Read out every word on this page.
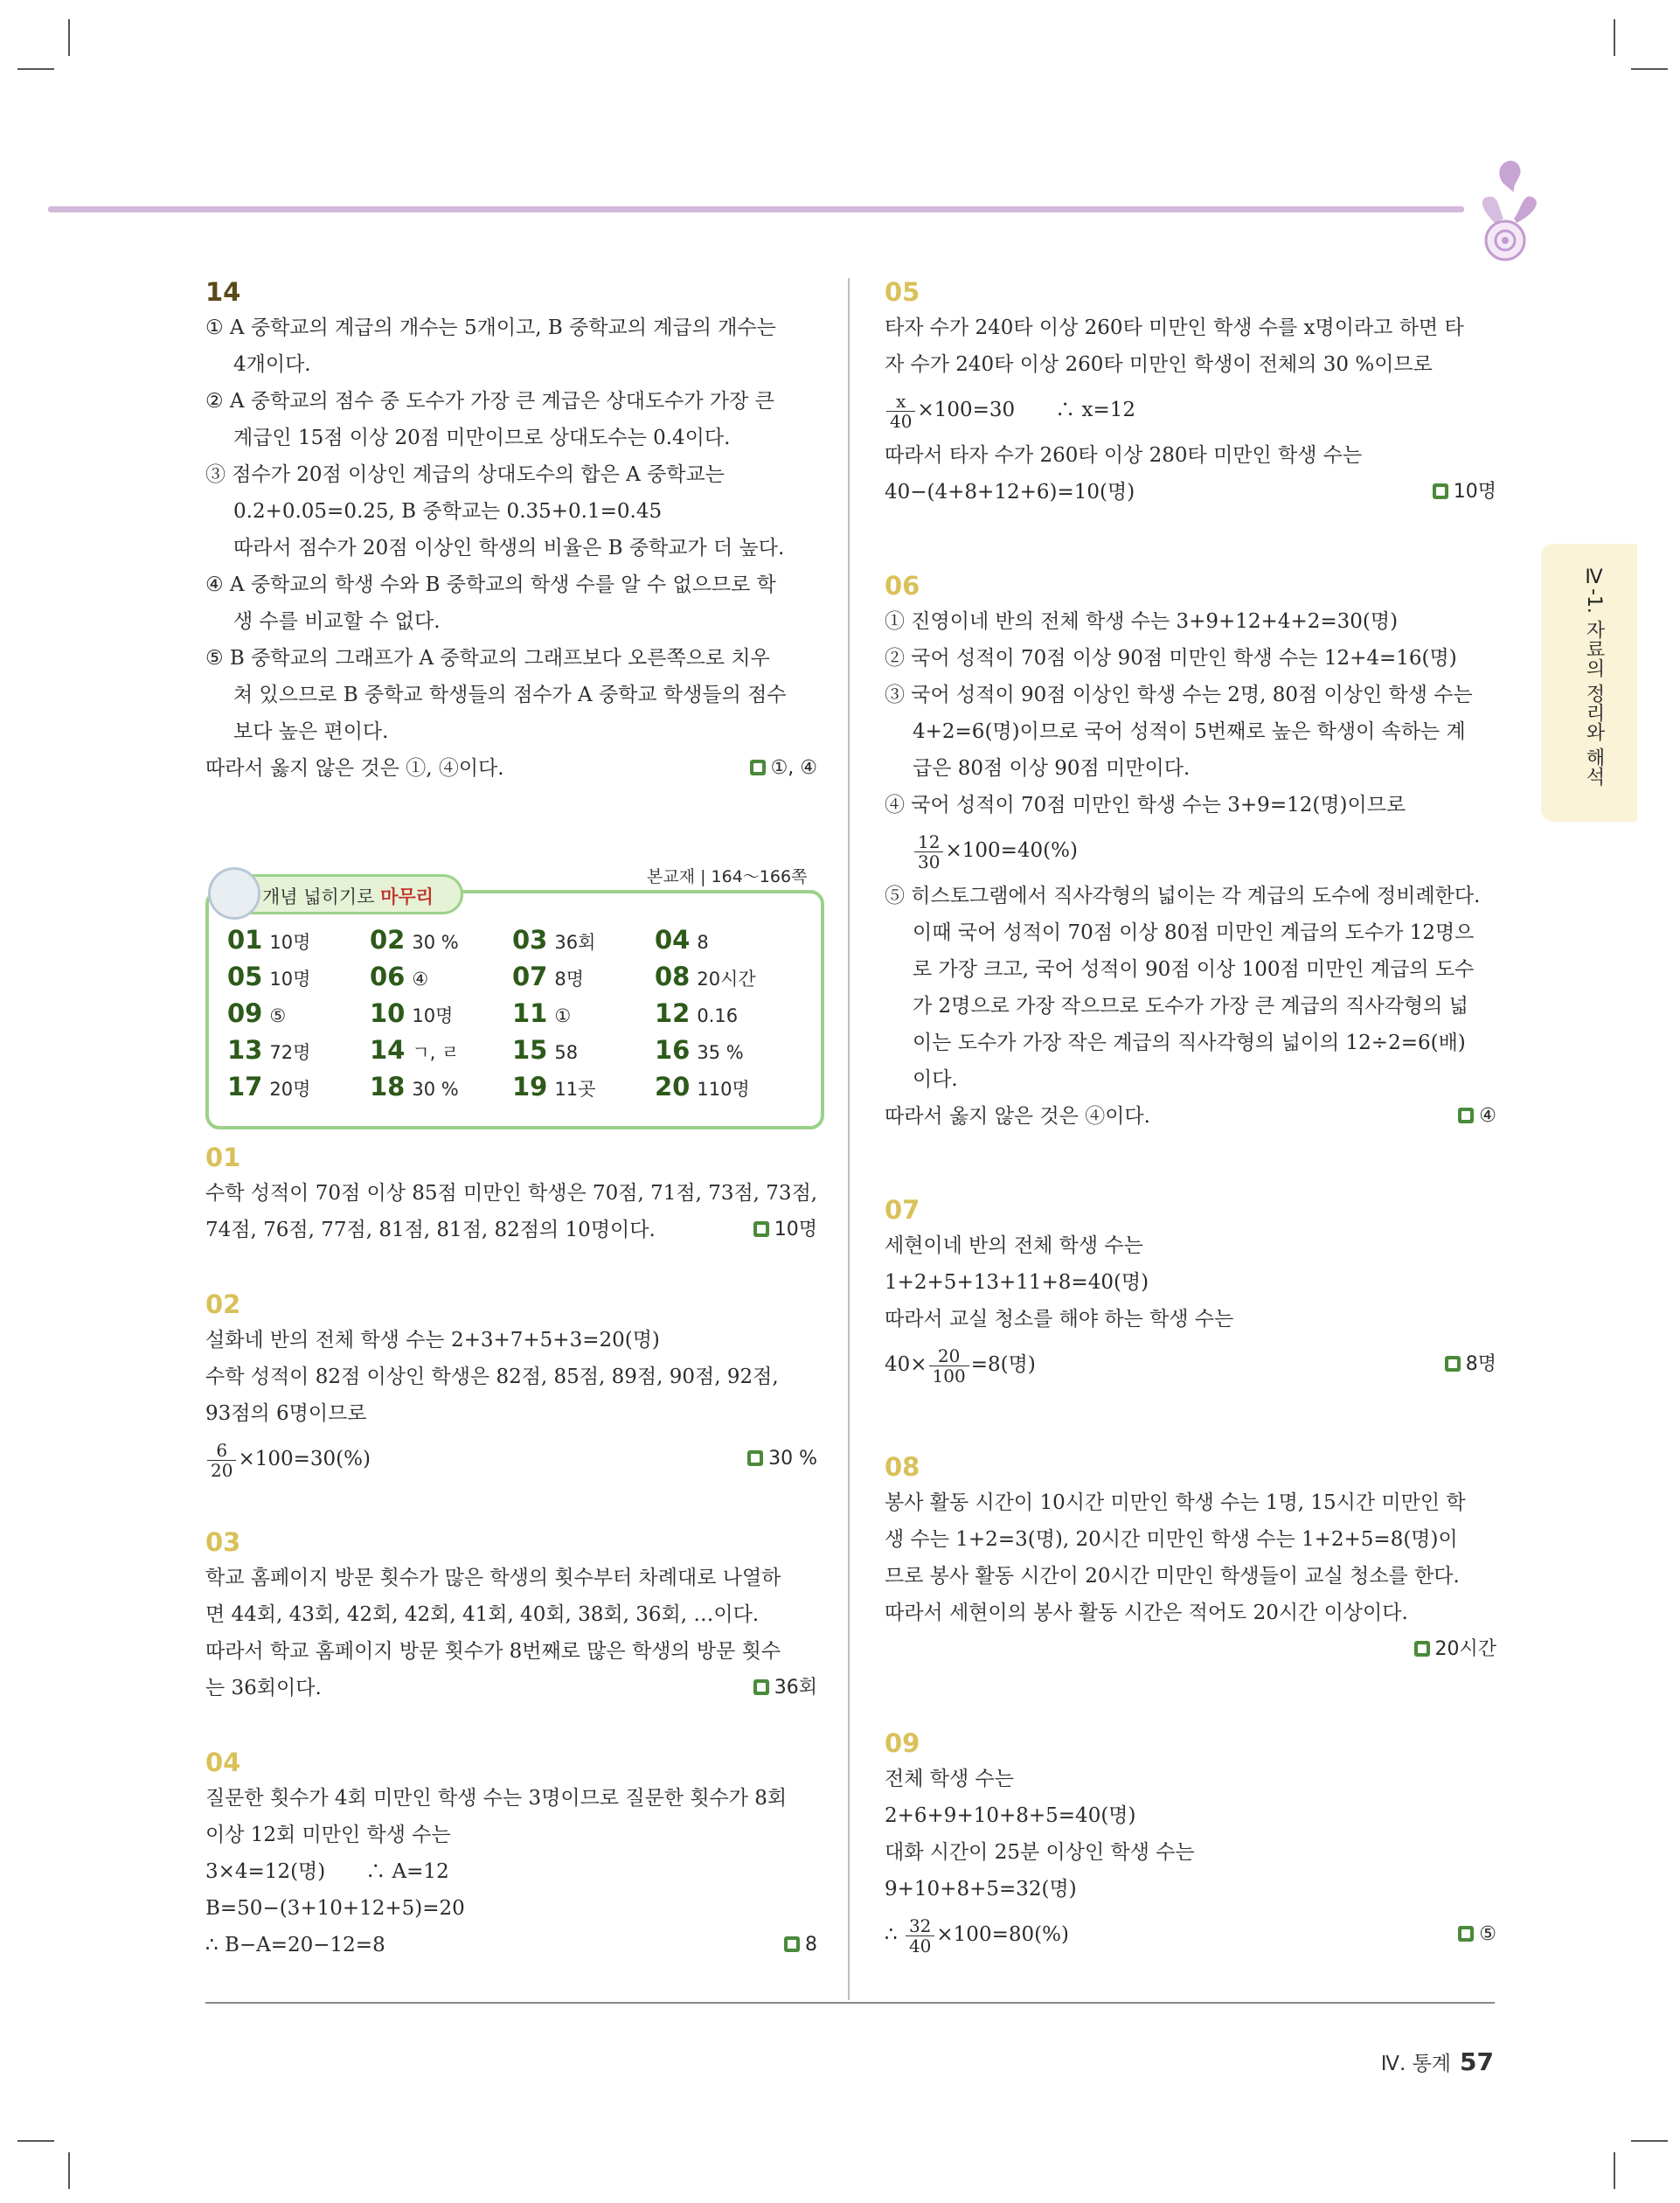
Ⅳ-1. 자료의 정리와 해석
14
① A 중학교의 계급의 개수는 5개이고, B 중학교의 계급의 개수는
4개이다.
② A 중학교의 점수 중 도수가 가장 큰 계급은 상대도수가 가장 큰
계급인 15점 이상 20점 미만이므로 상대도수는 0.4이다.
③ 점수가 20점 이상인 계급의 상대도수의 합은 A 중학교는
0.2+0.05=0.25, B 중학교는 0.35+0.1=0.45
따라서 점수가 20점 이상인 학생의 비율은 B 중학교가 더 높다.
④ A 중학교의 학생 수와 B 중학교의 학생 수를 알 수 없으므로 학
생 수를 비교할 수 없다.
⑤ B 중학교의 그래프가 A 중학교의 그래프보다 오른쪽으로 치우
쳐 있으므로 B 중학교 학생들의 점수가 A 중학교 학생들의 점수
보다 높은 편이다.
따라서 옳지 않은 것은 ①, ④이다.	①, ④
개념 넓히기로 마무리
본교재 | 164～166쪽
01 10명 02 30 % 03 36회 04 8
05 10명 06 ④	07 8명	08 20시간
09 ⑤	10 10명 11 ①	12 0.16
13 72명 14 ㄱ, ㄹ 15 58	16 35 %
17 20명 18 30 % 19 11곳 20 110명
01
수학 성적이 70점 이상 85점 미만인 학생은 70점, 71점, 73점, 73점,
74점, 76점, 77점, 81점, 81점, 82점의 10명이다.	10명
02
설화네 반의 전체 학생 수는 2+3+7+5+3=20(명)
수학 성적이 82점 이상인 학생은 82점, 85점, 89점, 90점, 92점,
93점의 6명이므로
$\frac{6}{20} \times 100=30(\%)$	30 %
03
학교 홈페이지 방문 횟수가 많은 학생의 횟수부터 차례대로 나열하
면 44회, 43회, 42회, 42회, 41회, 40회, 38회, 36회, …이다.
따라서 학교 홈페이지 방문 횟수가 8번째로 많은 학생의 방문 횟수
는 36회이다.	36회
04
질문한 횟수가 4회 미만인 학생 수는 3명이므로 질문한 횟수가 8회
이상 12회 미만인 학생 수는
3×4=12(명)　　∴ A=12
B=50−(3+10+12+5)=20
∴ B−A=20−12=8	8
05
타자 수가 240타 이상 260타 미만인 학생 수를 x명이라고 하면 타
자 수가 240타 이상 260타 미만인 학생이 전체의 30 %이므로
$\frac{x}{40} \times 100=30$　　∴ x=12
따라서 타자 수가 260타 이상 280타 미만인 학생 수는
40−(4+8+12+6)=10(명)	10명
06
① 진영이네 반의 전체 학생 수는 3+9+12+4+2=30(명)
② 국어 성적이 70점 이상 90점 미만인 학생 수는 12+4=16(명)
③ 국어 성적이 90점 이상인 학생 수는 2명, 80점 이상인 학생 수는
4+2=6(명)이므로 국어 성적이 5번째로 높은 학생이 속하는 계
급은 80점 이상 90점 미만이다.
④ 국어 성적이 70점 미만인 학생 수는 3+9=12(명)이므로
$\frac{12}{30} \times 100=40(\%)$
⑤ 히스토그램에서 직사각형의 넓이는 각 계급의 도수에 정비례한다.
이때 국어 성적이 70점 이상 80점 미만인 계급의 도수가 12명으
로 가장 크고, 국어 성적이 90점 이상 100점 미만인 계급의 도수
가 2명으로 가장 작으므로 도수가 가장 큰 계급의 직사각형의 넓
이는 도수가 가장 작은 계급의 직사각형의 넓이의 12÷2=6(배)
이다.
따라서 옳지 않은 것은 ④이다.	④
07
세현이네 반의 전체 학생 수는
1+2+5+13+11+8=40(명)
따라서 교실 청소를 해야 하는 학생 수는
$40\times \frac{20}{100} =8$(명)	8명
08
봉사 활동 시간이 10시간 미만인 학생 수는 1명, 15시간 미만인 학
생 수는 1+2=3(명), 20시간 미만인 학생 수는 1+2+5=8(명)이
므로 봉사 활동 시간이 20시간 미만인 학생들이 교실 청소를 한다.
따라서 세현이의 봉사 활동 시간은 적어도 20시간 이상이다.
20시간
09
전체 학생 수는
2+6+9+10+8+5=40(명)
대화 시간이 25분 이상인 학생 수는
9+10+8+5=32(명)
∴ $\frac{32}{40} \times 100=80(\%)$	⑤
Ⅳ. 통계 57
